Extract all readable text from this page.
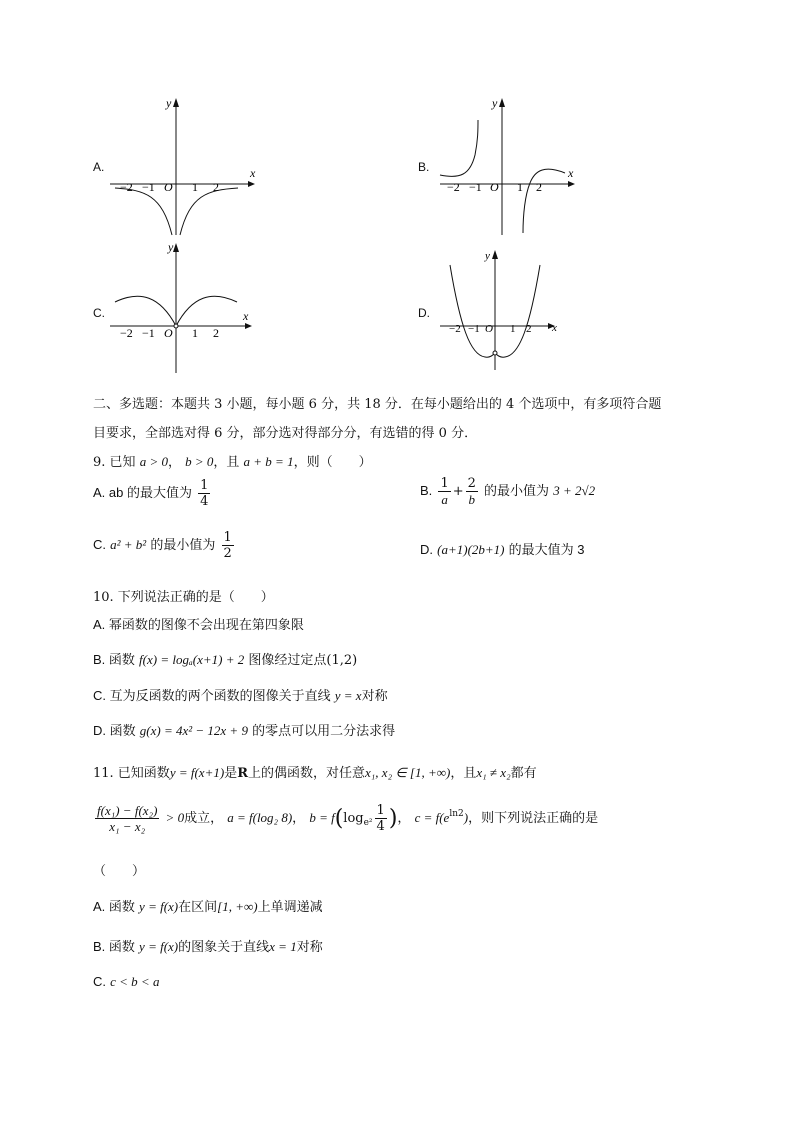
A.	x
y
−2 −1 O 1 2
B.	x
y
−2 −1 O 1 2
C.	x
y
−2 −1 O 1 2
D.
x
y
−2 −1 O 1 2
二、多选题：本题共 3 小题，每小题 6 分，共 18 分．在每小题给出的 4 个选项中，有多项符合题
目要求，全部选对得 6 分，部分选对得部分分，有选错的得 0 分．
9. 已知 a > 0， b > 0，且 a + b = 1，则（　　）
A. ab 的最大值为 $\frac{1}{4}$	B. $\frac{1}{a} + \frac{2}{b}$ 的最小值为 3 + 2√2
C. a² + b² 的最小值为 $\frac{1}{2}$	D. (a+1)(2b+1) 的最大值为 3
10. 下列说法正确的是（　　）
A. 幂函数的图像不会出现在第四象限
B. 函数 f(x) = logₐ(x+1) + 2 图像经过定点(1,2)
C. 互为反函数的两个函数的图像关于直线 y = x对称
D. 函数 g(x) = 4x² − 12x + 9 的零点可以用二分法求得
11. 已知函数y = f(x+1)是R上的偶函数，对任意x₁, x₂ ∈ [1, +∞)，且x₁ ≠ x₂都有
$\frac{\text{f(x₁) − f(x₂)}}{\text{x₁ − x₂}} > 0$成立， a = f(log₂ 8)， $b = f(\log_{e^2} \frac{1}{4}$ )， $c = f(e^{ln2})$，则下列说法正确的是
（　　）
A. 函数 y = f(x)在区间[1, +∞)上单调递减
B. 函数 y = f(x)的图象关于直线x = 1对称
C. c < b < a
